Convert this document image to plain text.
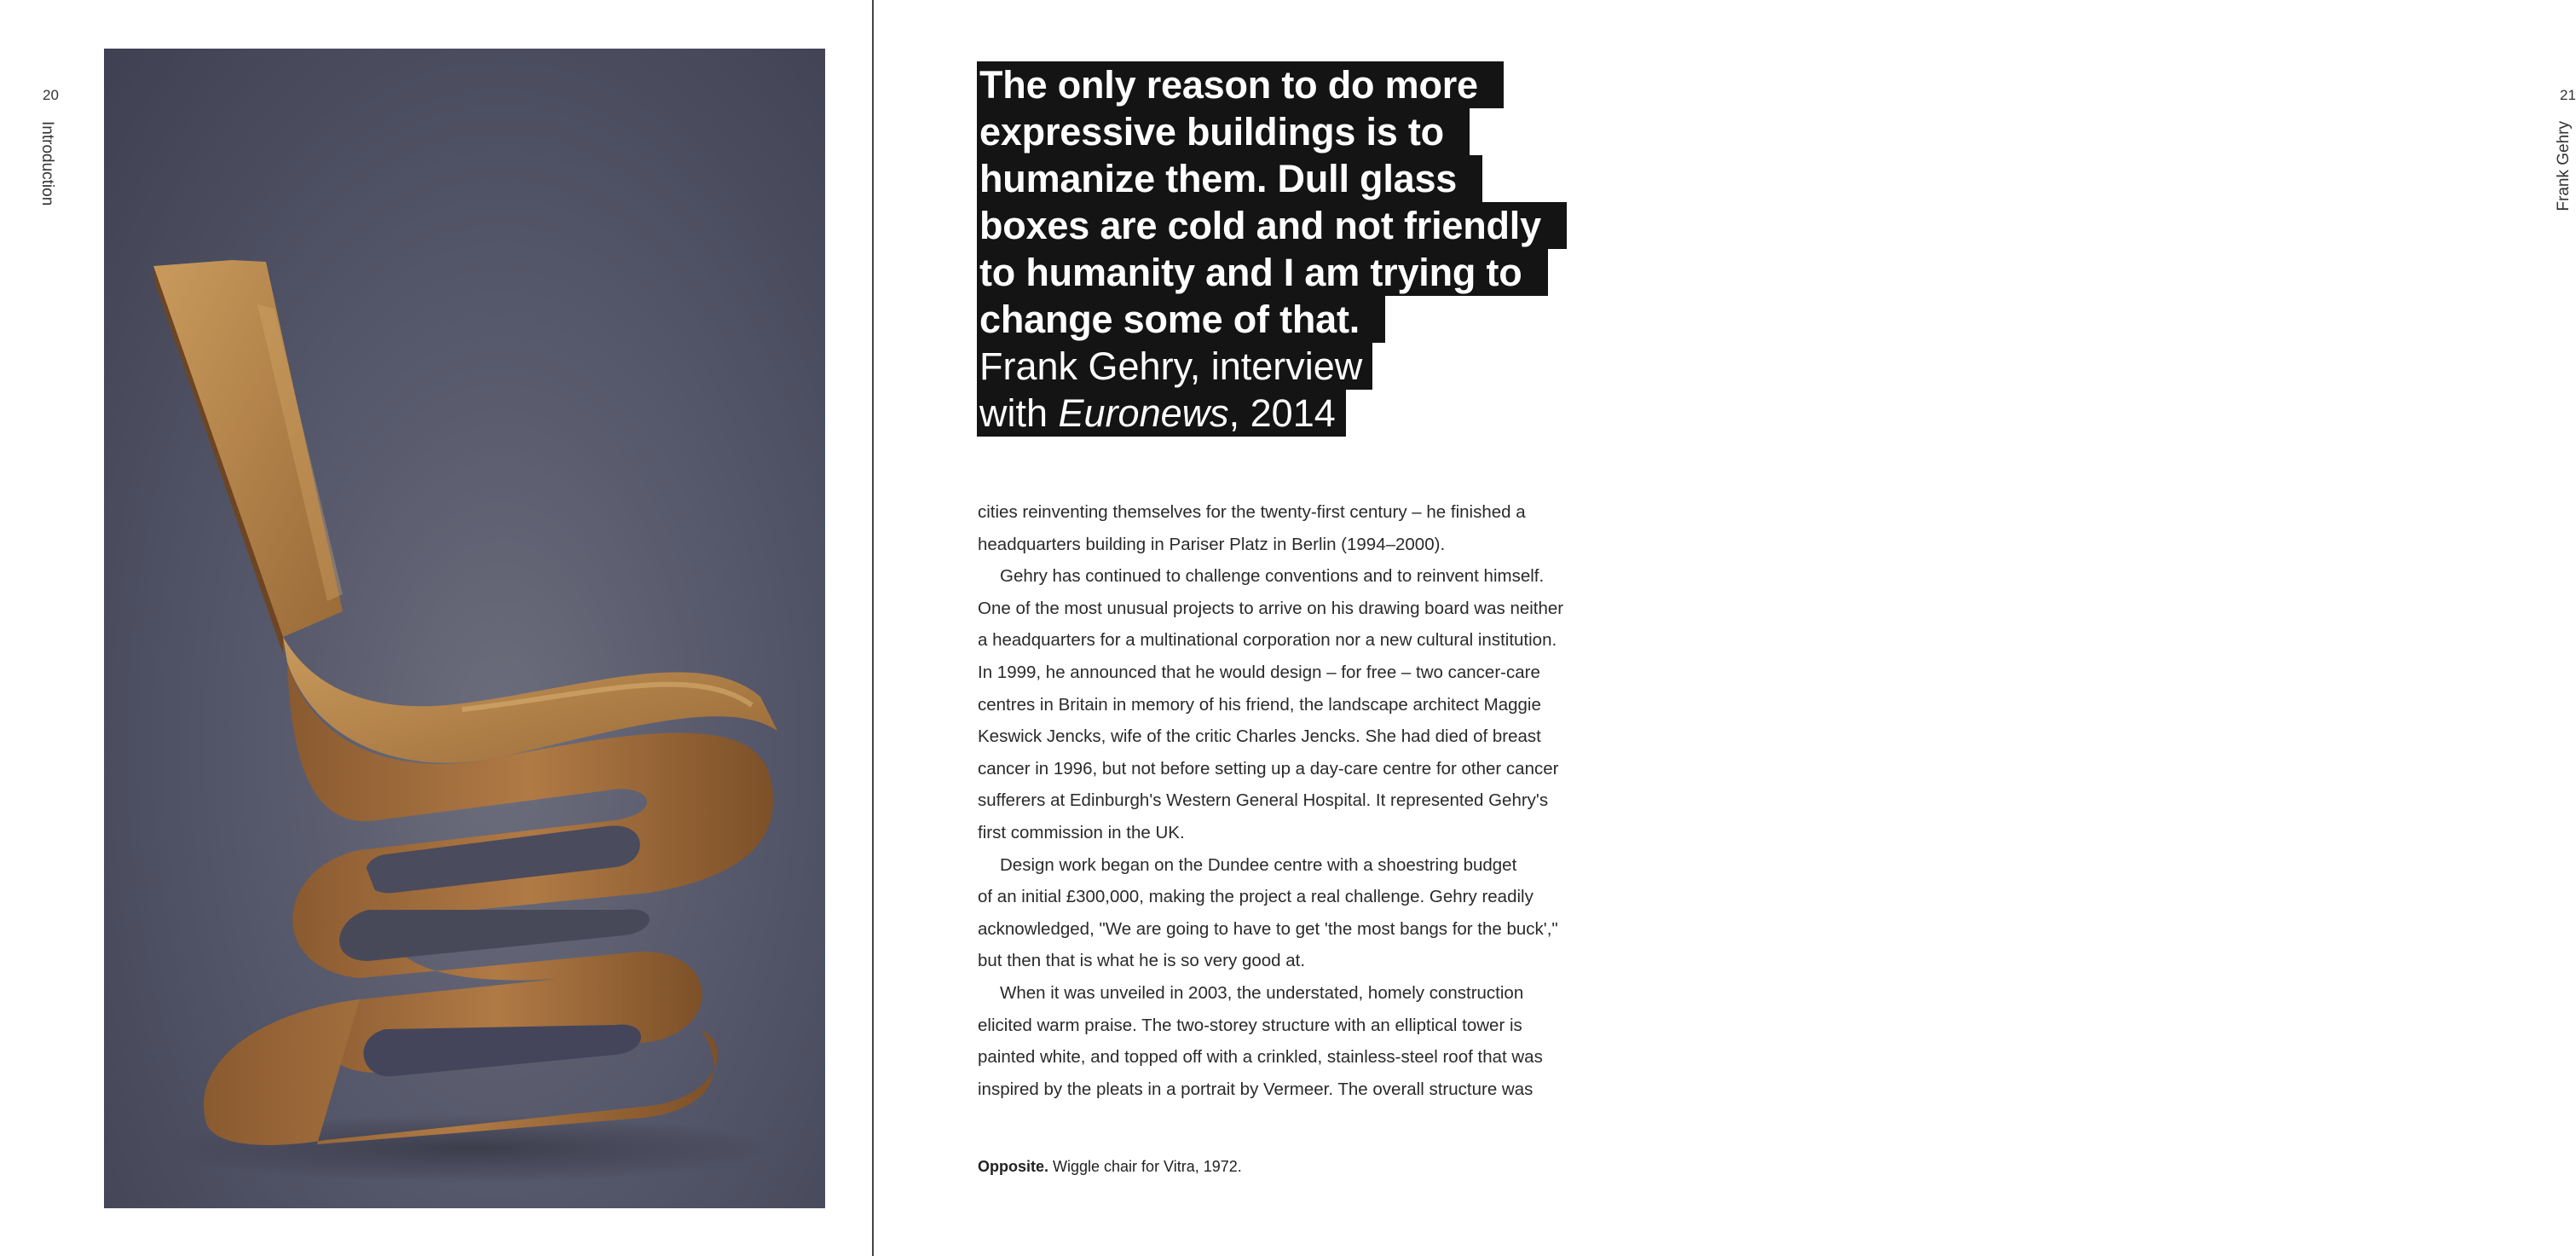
20
Introduction
21
Frank Gehry
The only reason to do more
expressive buildings is to
humanize them. Dull glass
boxes are cold and not friendly
to humanity and I am trying to
change some of that.
Frank Gehry, interview
with Euronews, 2014
cities reinventing themselves for the twenty-first century – he finished a
headquarters building in Pariser Platz in Berlin (1994–2000).
Gehry has continued to challenge conventions and to reinvent himself.
One of the most unusual projects to arrive on his drawing board was neither
a headquarters for a multinational corporation nor a new cultural institution.
In 1999, he announced that he would design – for free – two cancer-care
centres in Britain in memory of his friend, the landscape architect Maggie
Keswick Jencks, wife of the critic Charles Jencks. She had died of breast
cancer in 1996, but not before setting up a day-care centre for other cancer
sufferers at Edinburgh's Western General Hospital. It represented Gehry's
first commission in the UK.
Design work began on the Dundee centre with a shoestring budget
of an initial £300,000, making the project a real challenge. Gehry readily
acknowledged, "We are going to have to get 'the most bangs for the buck',"
but then that is what he is so very good at.
When it was unveiled in 2003, the understated, homely construction
elicited warm praise. The two-storey structure with an elliptical tower is
painted white, and topped off with a crinkled, stainless-steel roof that was
inspired by the pleats in a portrait by Vermeer. The overall structure was
Opposite. Wiggle chair for Vitra, 1972.
